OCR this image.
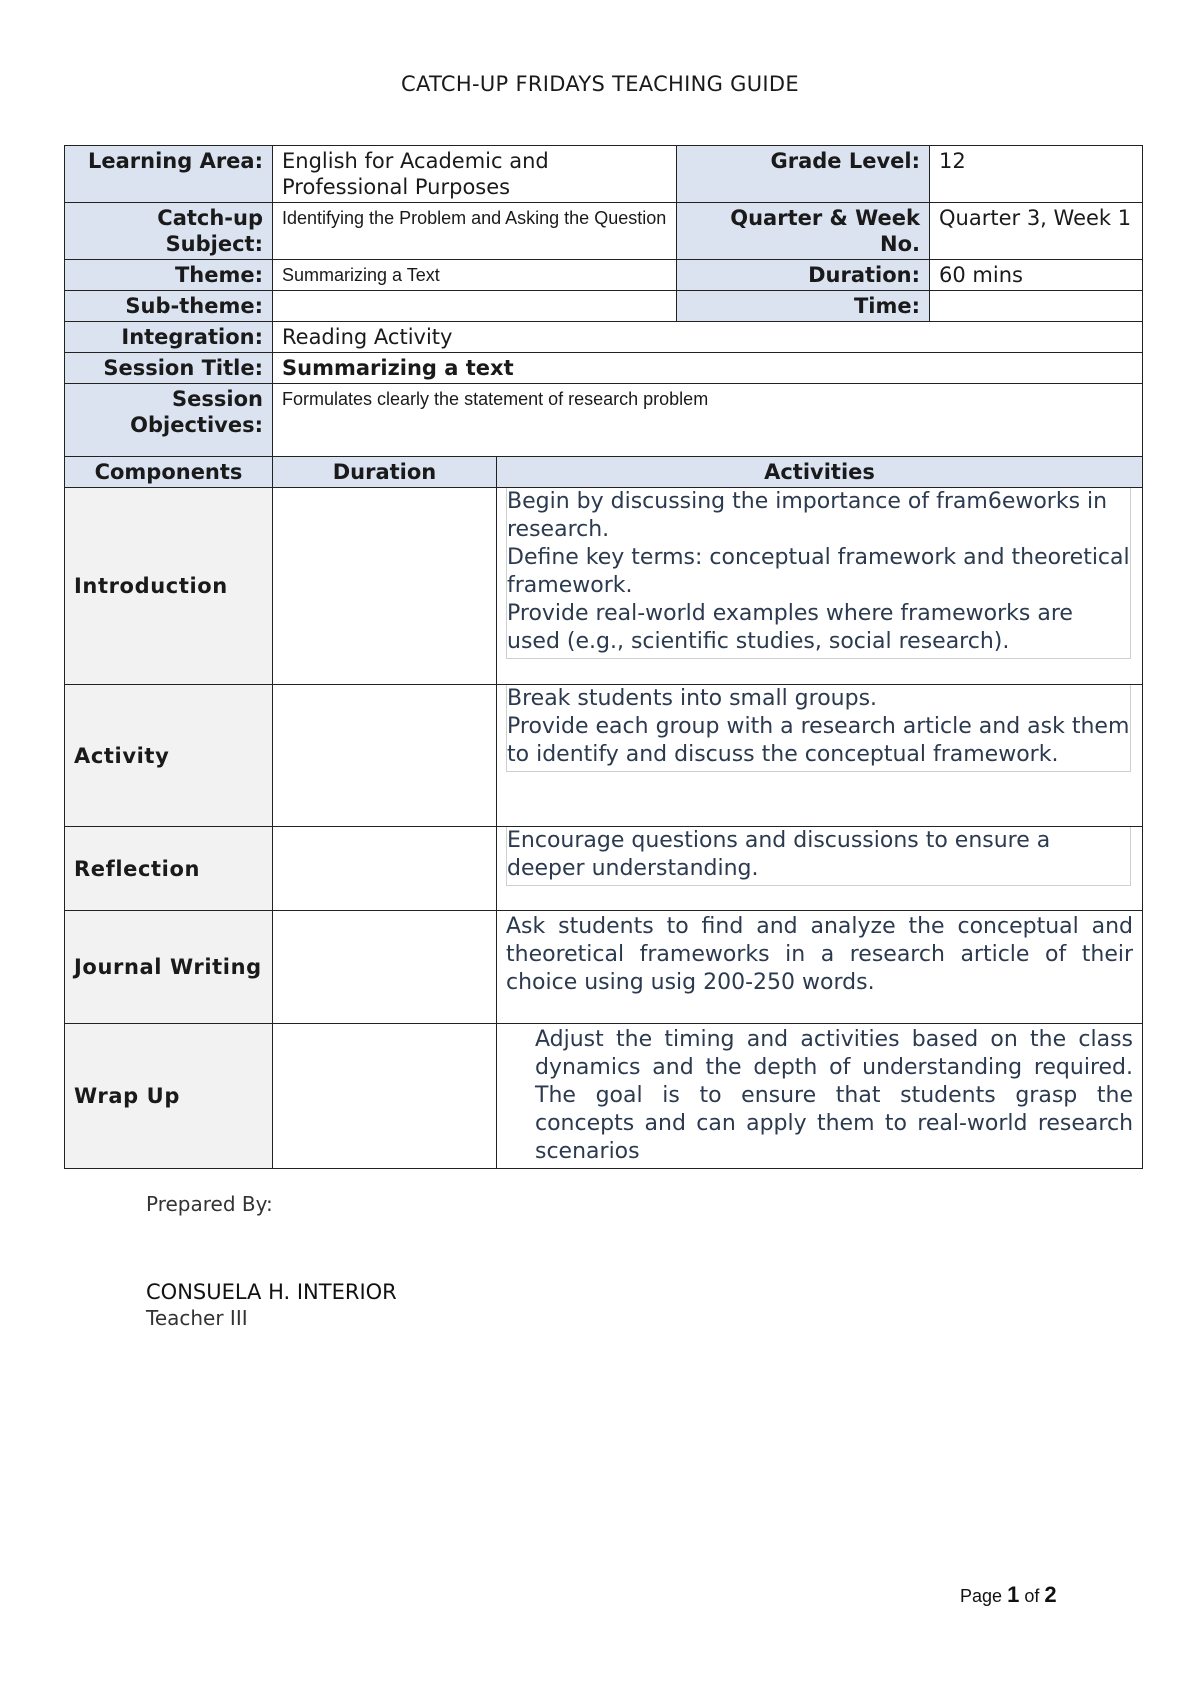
CATCH-UP FRIDAYS TEACHING GUIDE
Learning Area:	English for Academic and Professional Purposes		Grade Level:	12
Catch-up Subject:	Identifying the Problem and Asking the Question		Quarter & Week No.	Quarter 3, Week 1
Theme:	Summarizing a Text		Duration:	60 mins
Sub-theme:			Time:	
Integration:	Reading Activity			
Session Title:	Summarizing a text			
Session Objectives:	Formulates clearly the statement of research problem			
Components	Duration	Activities		
Introduction		Begin by discussing the importance of fram6eworks in research.
Define key terms: conceptual framework and theoretical framework.
Provide real-world examples where frameworks are used (e.g., scientific studies, social research).		

Activity		Break students into small groups.
Provide each group with a research article and ask them to identify and discuss the conceptual framework.		

Reflection		Encourage questions and discussions to ensure a deeper understanding.		

Journal Writing		Ask students to find and analyze the conceptual and theoretical frameworks in a research article of their choice using usig 200-250 words.		
Wrap Up		Adjust the timing and activities based on the class dynamics and the depth of understanding required. The goal is to ensure that students grasp the concepts and can apply them to real-world research scenarios		
Prepared By:
CONSUELA H. INTERIOR
Teacher III
Page 1 of 2
